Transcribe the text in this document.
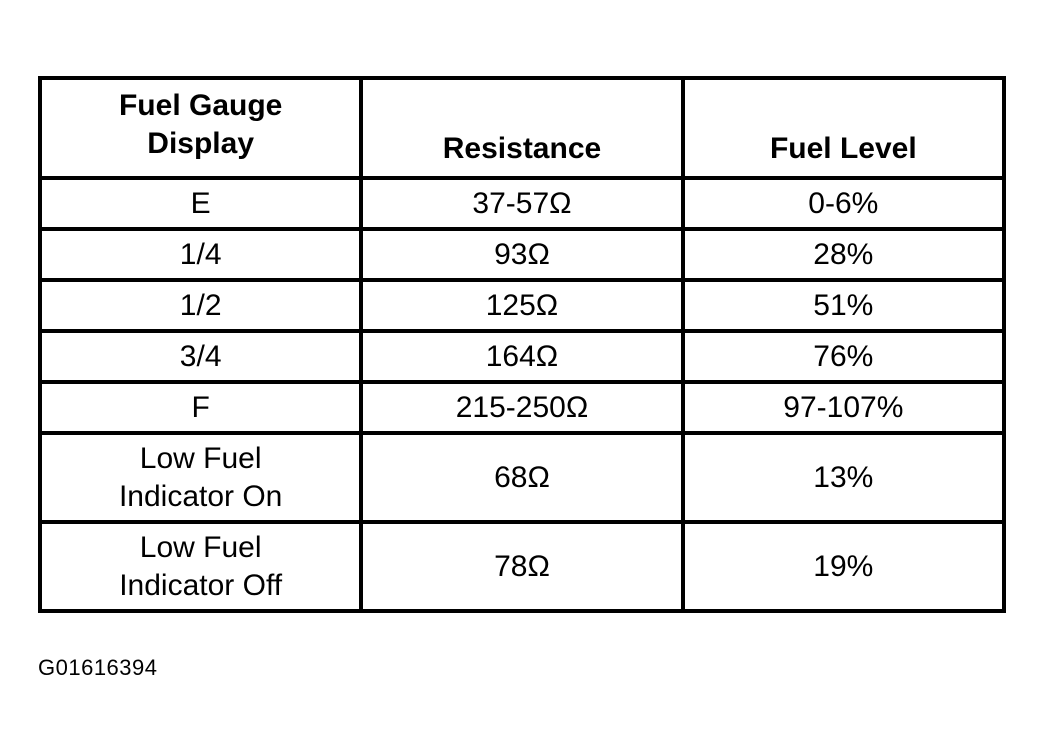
Fuel Gauge
Display	Resistance	Fuel Level

E	37-57Ω	0-6%

1/4	93Ω	28%

1/2	125Ω	51%

3/4	164Ω	76%

F	215-250Ω	97-107%

Low Fuel
Indicator On	68Ω	13%

Low Fuel
Indicator Off	78Ω	19%
G01616394
